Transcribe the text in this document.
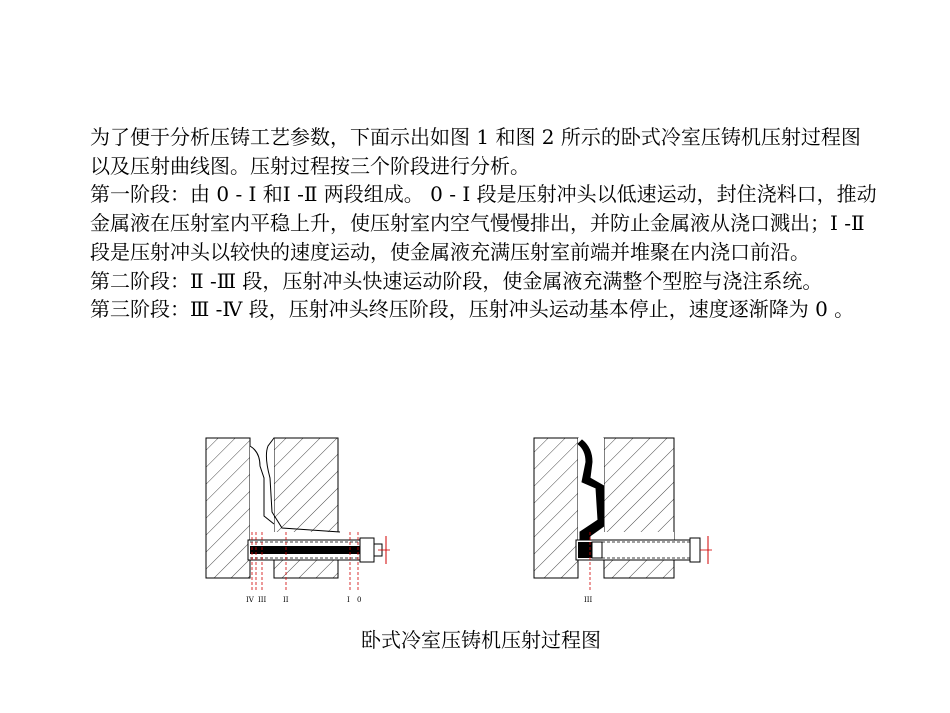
为了便于分析压铸工艺参数，下面示出如图 1 和图 2 所示的卧式冷室压铸机压射过程图以及压射曲线图。压射过程按三个阶段进行分析。

第一阶段：由 0 - Ⅰ 和Ⅰ -Ⅱ 两段组成。 0 - Ⅰ 段是压射冲头以低速运动，封住浇料口，推动金属液在压射室内平稳上升，使压射室内空气慢慢排出，并防止金属液从浇口溅出；Ⅰ -Ⅱ 段是压射冲头以较快的速度运动，使金属液充满压射室前端并堆聚在内浇口前沿。

第二阶段：Ⅱ -Ⅲ 段，压射冲头快速运动阶段，使金属液充满整个型腔与浇注系统。

第三阶段：Ⅲ -Ⅳ 段，压射冲头终压阶段，压射冲头运动基本停止，速度逐渐降为 0 。

IV III II	I 0	III
卧式冷室压铸机压射过程图
